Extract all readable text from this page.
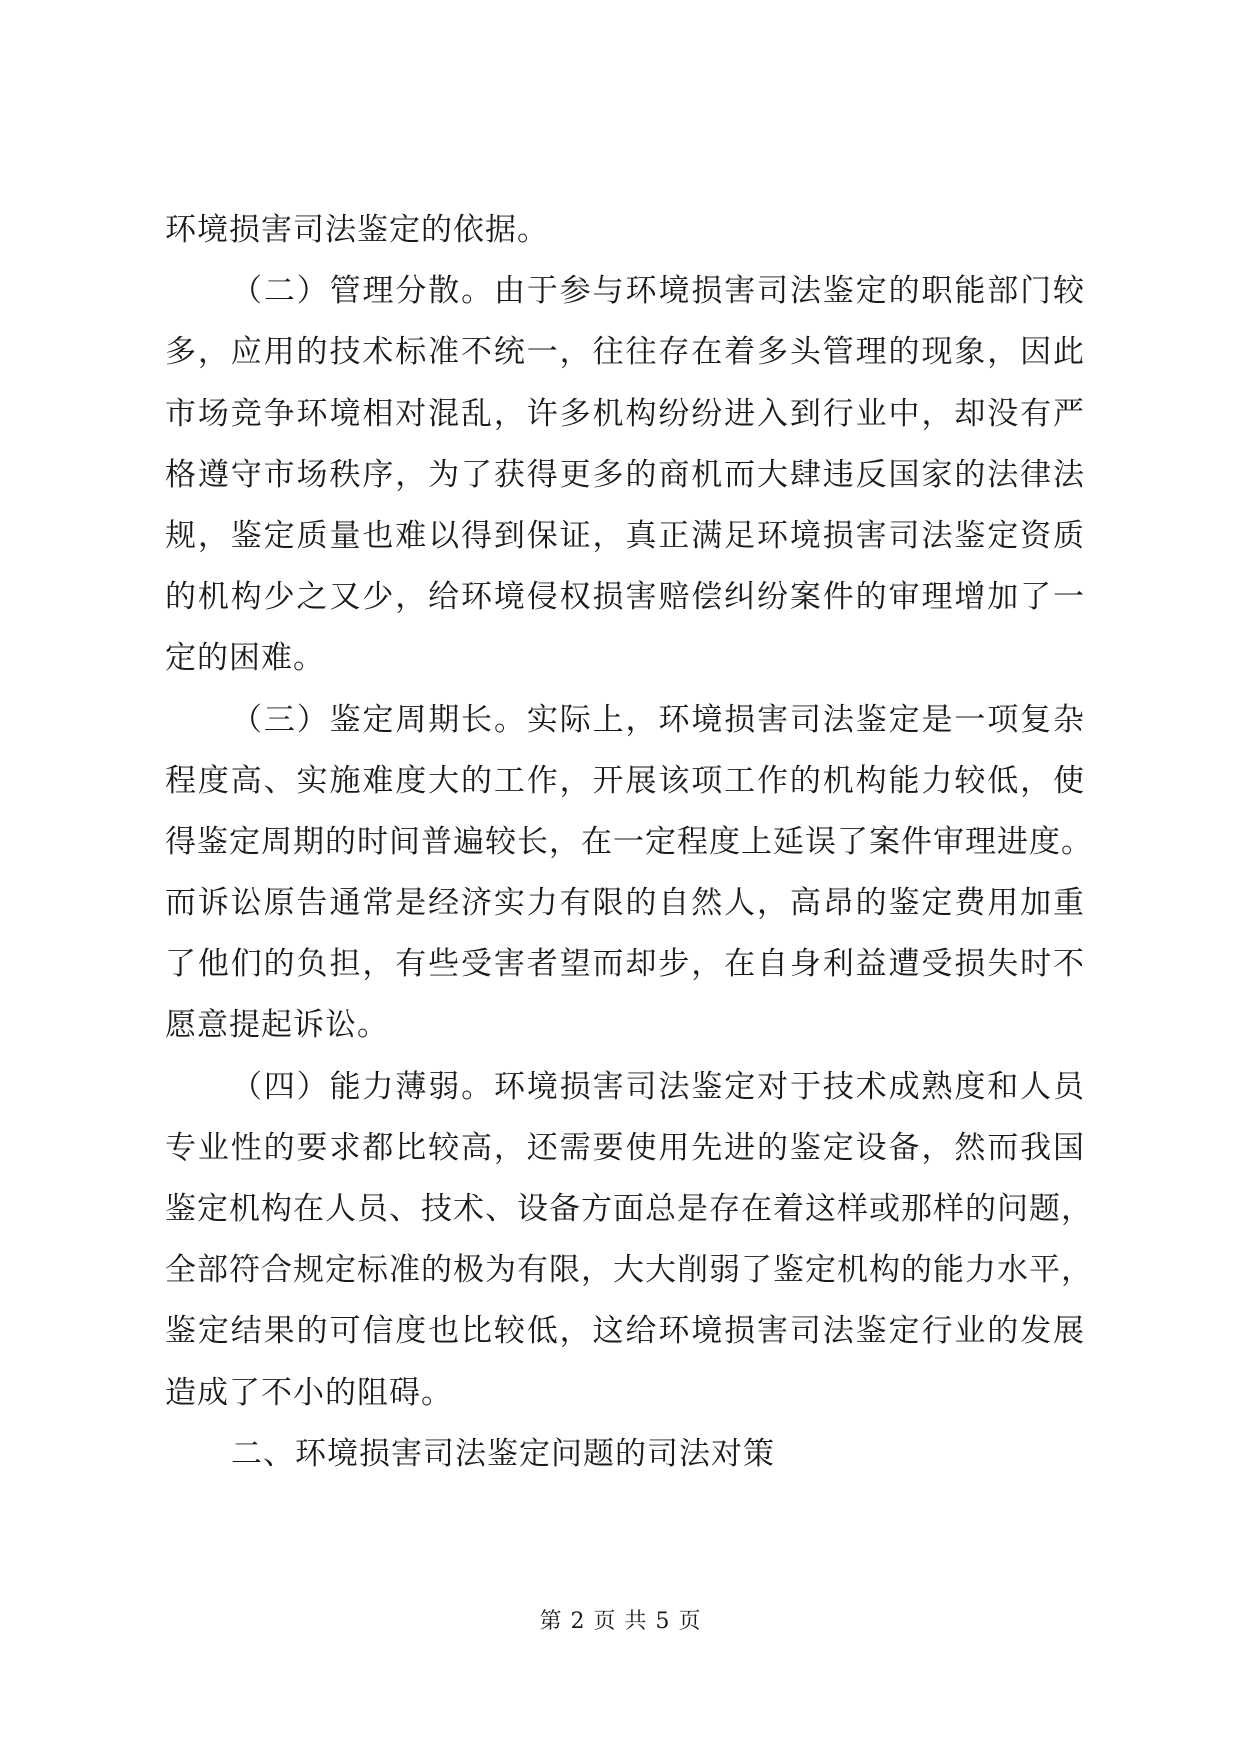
环境损害司法鉴定的依据。
（二）管理分散。由于参与环境损害司法鉴定的职能部门较
多，应用的技术标准不统一，往往存在着多头管理的现象，因此
市场竞争环境相对混乱，许多机构纷纷进入到行业中，却没有严
格遵守市场秩序，为了获得更多的商机而大肆违反国家的法律法
规，鉴定质量也难以得到保证，真正满足环境损害司法鉴定资质
的机构少之又少，给环境侵权损害赔偿纠纷案件的审理增加了一
定的困难。
（三）鉴定周期长。实际上，环境损害司法鉴定是一项复杂
程度高、实施难度大的工作，开展该项工作的机构能力较低，使
得鉴定周期的时间普遍较长，在一定程度上延误了案件审理进度。
而诉讼原告通常是经济实力有限的自然人，高昂的鉴定费用加重
了他们的负担，有些受害者望而却步，在自身利益遭受损失时不
愿意提起诉讼。
（四）能力薄弱。环境损害司法鉴定对于技术成熟度和人员
专业性的要求都比较高，还需要使用先进的鉴定设备，然而我国
鉴定机构在人员、技术、设备方面总是存在着这样或那样的问题，
全部符合规定标准的极为有限，大大削弱了鉴定机构的能力水平，
鉴定结果的可信度也比较低，这给环境损害司法鉴定行业的发展
造成了不小的阻碍。
二、环境损害司法鉴定问题的司法对策
第 2 页 共 5 页
